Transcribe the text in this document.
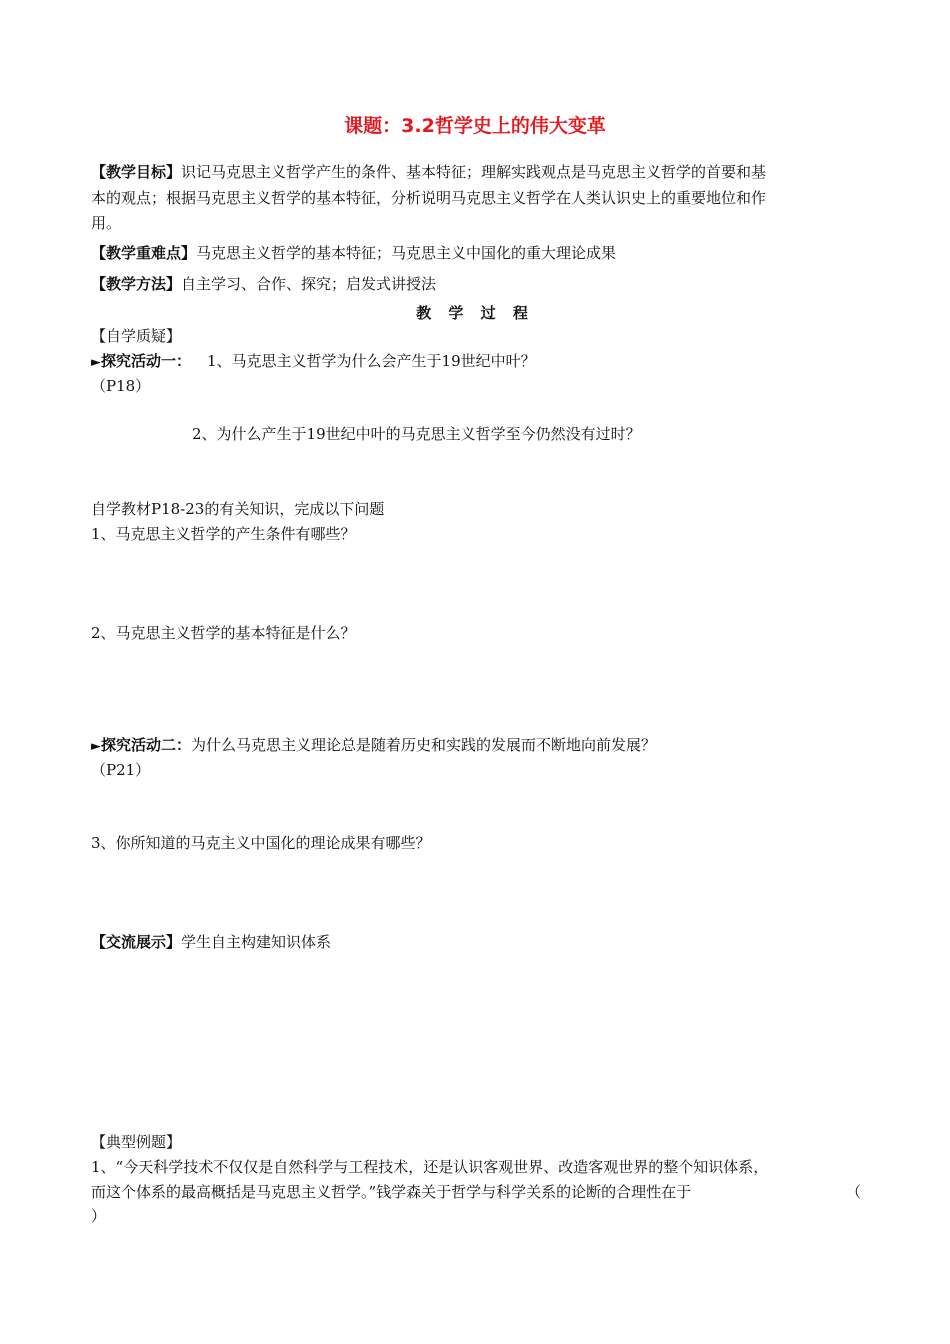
课题：3.2哲学史上的伟大变革
【教学目标】识记马克思主义哲学产生的条件、基本特征；理解实践观点是马克思主义哲学的首要和基
本的观点；根据马克思主义哲学的基本特征，分析说明马克思主义哲学在人类认识史上的重要地位和作
用。
【教学重难点】马克思主义哲学的基本特征；马克思主义中国化的重大理论成果
【教学方法】自主学习、合作、探究；启发式讲授法
教 学 过 程
【自学质疑】
►探究活动一： 1、马克思主义哲学为什么会产生于19世纪中叶？
（P18）
2、为什么产生于19世纪中叶的马克思主义哲学至今仍然没有过时？
自学教材P18-23的有关知识，完成以下问题
1、马克思主义哲学的产生条件有哪些？
2、马克思主义哲学的基本特征是什么？
►探究活动二：为什么马克思主义理论总是随着历史和实践的发展而不断地向前发展？
（P21）
3、你所知道的马克主义中国化的理论成果有哪些？
【交流展示】学生自主构建知识体系
【典型例题】
1、“今天科学技术不仅仅是自然科学与工程技术，还是认识客观世界、改造客观世界的整个知识体系，
而这个体系的最高概括是马克思主义哲学。”钱学森关于哲学与科学关系的论断的合理性在于	（
）
